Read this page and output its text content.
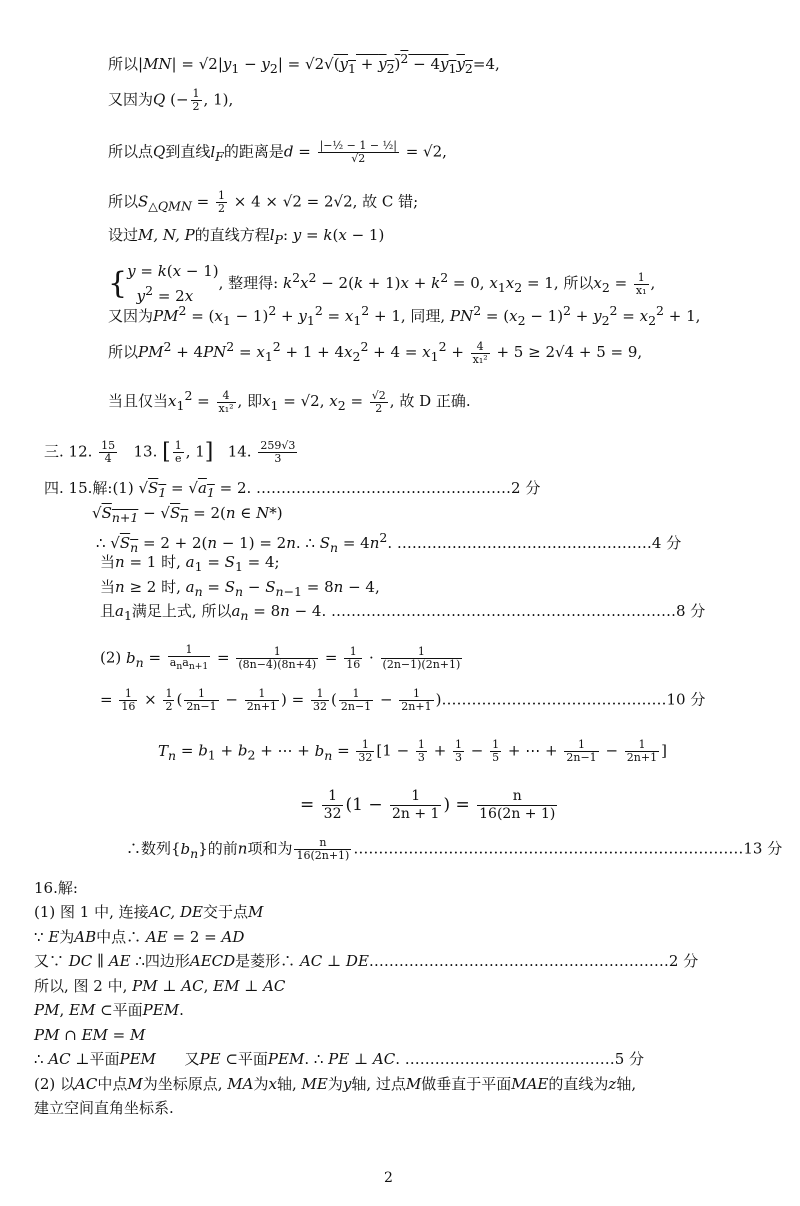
所以$|MN| = √2|y_1 - y_2| = √2√(y_1 + y_2)^2 - 4y_1y_2=4$,
又因为Q (− $\frac{1}{2}$ , 1),
所以点Q到直线$l_F$的距离是$d = \frac{\text{|−½ − 1 − ½|}}{√2} = √2$,
所以$S_{\triangle QMN} = \frac{1}{2} \times 4 \times √2 = 2√2$, 故 C 错;
设过M, N, P的直线方程$l_P$: y = k(x − 1)
{y = k(x − 1)
$y^2 = 2x$, 整理得: $k^2x^2 - 2(k + 1)x + k^2 = 0$, $x_1x_2 = 1$, 所以$x_2 = \frac{1}{\text{x₁}}$ ,
又因为$PM^2 = (x_1 - 1)^2 + y_1^2 = x_1^2 + 1$, 同理, $PN^2 = (x_2 - 1)^2 + y_2^2 = x_2^2 + 1$,
所以$PM^2 + 4PN^2 = x_1^2 + 1 + 4x_2^2 + 4 = x_1^2 + \frac{4}{\text{x₁²}} + 5 \ge 2√4 + 5 = 9$,
当且仅当$x_1^2 = \frac{4}{\text{x₁²}}$ , 即$x_1 = √2$, $x_2 = \frac{√2}{2}$ , 故 D 正确.
三. 12. $\frac{15}{4} 13$. [ $\frac{1}{e}$ , 1]   14. $\frac{259√3}{3}$
四. 15.解:(1) $√S_1 = √a_1 = 2$. ……………………………………………2 分
$√S_{n+1} - √S_n = 2(n$ ∈ N*)
∴ $√S_n = 2 + 2(n - 1) = 2n$. ∴ $S_n = 4n^2$. ……………………………………………4 分
当n = 1 时, $a_1 = S_1 = 4$;
当n ≥ 2 时, $a_n = S_n - S_{n-1} = 8n - 4$,
且$a_1$满足上式, 所以$a_n = 8n - 4$. ……………………………………………………………8 分
(2) $b_n = \frac{1}{a_na_{n+1}} = \frac{1}{(8n-4)(8n+4)} = \frac{1}{16} \cdot \frac{1}{(2n-1)(2n+1)}$
= $\frac{1}{16} \times \frac{1}{2}$ ( $\frac{1}{2n-1} - \frac{1}{2n+1}$ ) = $\frac{1}{32}$ ( $\frac{1}{2n-1} - \frac{1}{2n+1}$ )………………………………………10 分
$T_n = b_1 + b_2$ + ⋯ + $b_n = \frac{1}{32} [1 - \frac{1}{3} + \frac{1}{3} - \frac{1}{5}$ + ⋯ + $\frac{1}{2n-1} - \frac{1}{2n+1}$ ]
= $\frac{1}{32} (1 - \frac{1}{2n + 1}$ ) = $\frac{n}{16(2n + 1)}$
∴数列$\{b_n\}$的前n项和为 $\frac{n}{16(2n+1)}$ ……………………………………………………………………13 分
16.解:
(1) 图 1 中, 连接AC, DE交于点M
∵ E为AB中点∴ AE = 2 = AD
又∵ DC ∥ AE ∴四边形AECD是菱形∴ AC ⊥ DE……………………………………………………2 分
所以, 图 2 中, PM ⊥ AC, EM ⊥ AC
PM, EM ⊂平面PEM.
PM ∩ EM = M
∴ AC ⊥平面PEM      又PE ⊂平面PEM. ∴ PE ⊥ AC. ……………………………………5 分
(2) 以AC中点M为坐标原点, MA为x轴, ME为y轴, 过点M做垂直于平面MAE的直线为z轴,
建立空间直角坐标系.
2
